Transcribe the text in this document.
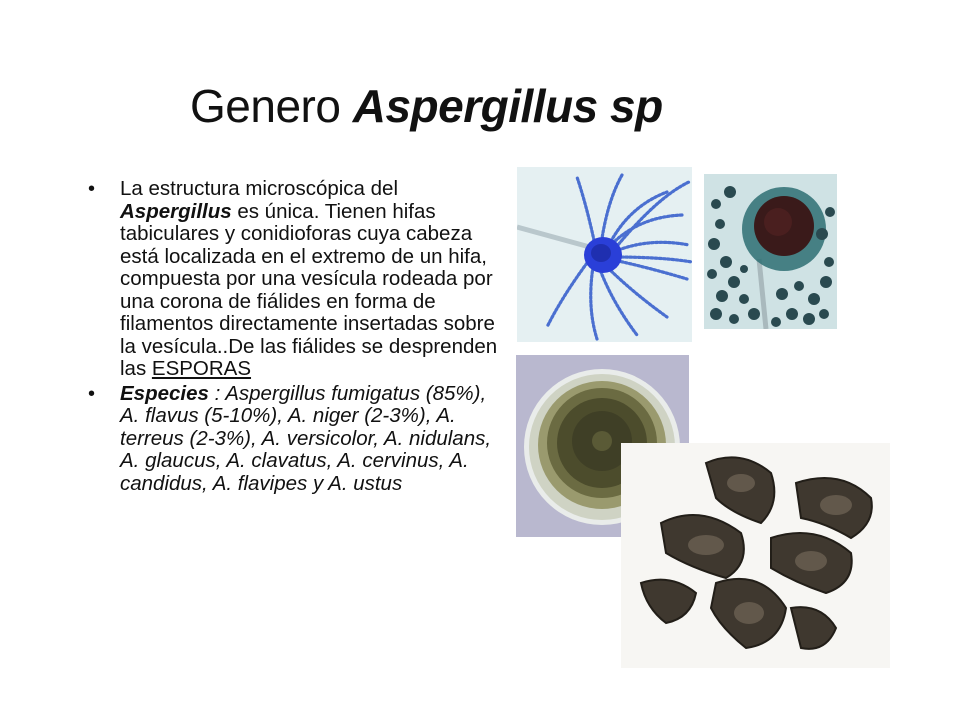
Genero Aspergillus sp
• La estructura microscópica del Aspergillus es única. Tienen hifas tabiculares y conidioforas cuya cabeza está localizada en el extremo de un hifa, compuesta por una vesícula rodeada por una corona de fiálides en forma de filamentos directamente insertadas sobre la vesícula..De las fiálides se desprenden las ESPORAS
• Especies : Aspergillus fumigatus (85%), A. flavus (5-10%), A. niger (2-3%), A. terreus (2-3%), A. versicolor, A. nidulans, A. glaucus, A. clavatus, A. cervinus, A. candidus, A. flavipes y A. ustus
